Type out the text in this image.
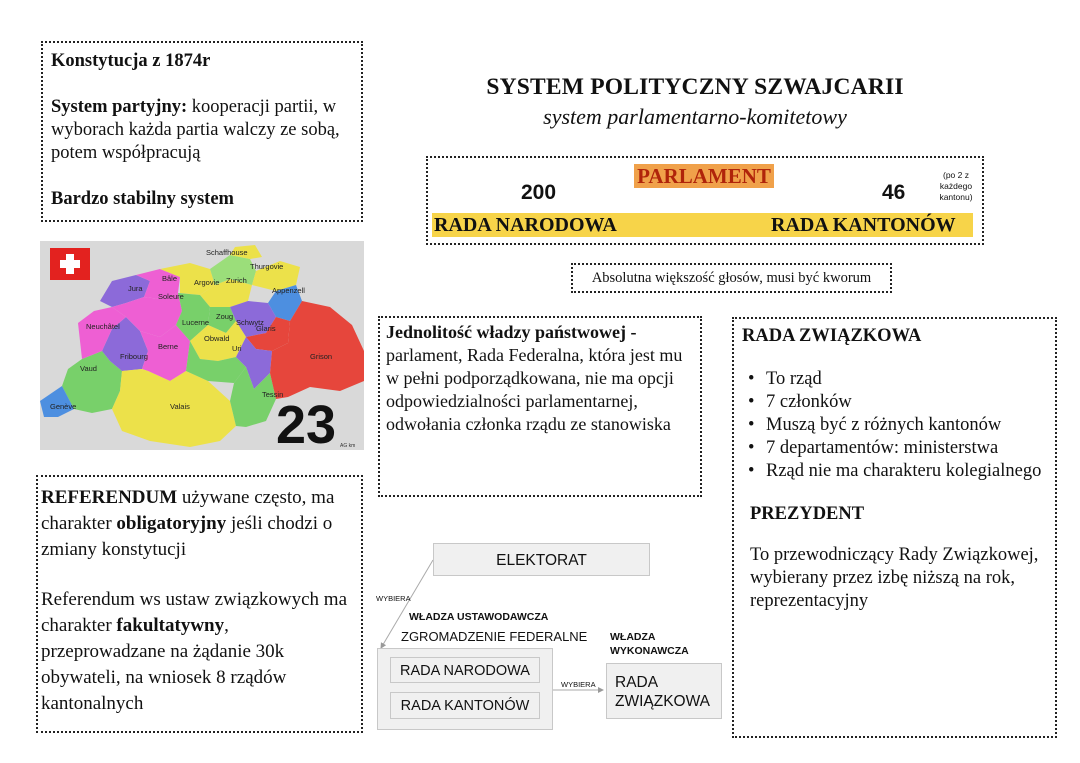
Konstytucja z 1874r

System partyjny: kooperacji partii, w wyborach każda partia walczy ze sobą, potem współpracują

Bardzo stabilny system

Schaffhouse
Thurgovie
Bâle Argovie Zurich
Jura
Soleure
Appenzell
Neuchâtel	Lucerne
Zoug
Schwytz
Glaris
Berne	Uri
Obwald
Fribourg
Vaud
Grison
Genève	Valais
Tessin
23 AG km

REFERENDUM używane często, ma charakter obligatoryjny jeśli chodzi o zmiany konstytucji

Referendum ws ustaw związkowych ma charakter fakultatywny, przeprowadzane na żądanie 30k obywateli, na wniosek 8 rządów kantonalnych

SYSTEM POLITYCZNY SZWAJCARII
system parlamentarno-komitetowy
PARLAMENT
200	46
(po 2 z każdego kantonu)
RADA NARODOWA	RADA KANTONÓW
Absolutna większość głosów, musi być kworum

Jednolitość władzy państwowej - parlament, Rada Federalna, która jest mu w pełni podporządkowana, nie ma opcji odpowiedzialności parlamentarnej, odwołania członka rządu ze stanowiska

RADA ZWIĄZKOWA
• To rząd
• 7 członków
• Muszą być z różnych kantonów
• 7 departamentów: ministerstwa
• Rząd nie ma charakteru kolegialnego
PREZYDENT
To przewodniczący Rady Związkowej, wybierany przez izbę niższą na rok, reprezentacyjny
ELEKTORAT
WYBIERA
WŁADZA USTAWODAWCZA
ZGROMADZENIE FEDERALNE
RADA NARODOWA
RADA KANTONÓW
WYBIERA
WŁADZA
WYKONAWCZA
RADA
ZWIĄZKOWA
